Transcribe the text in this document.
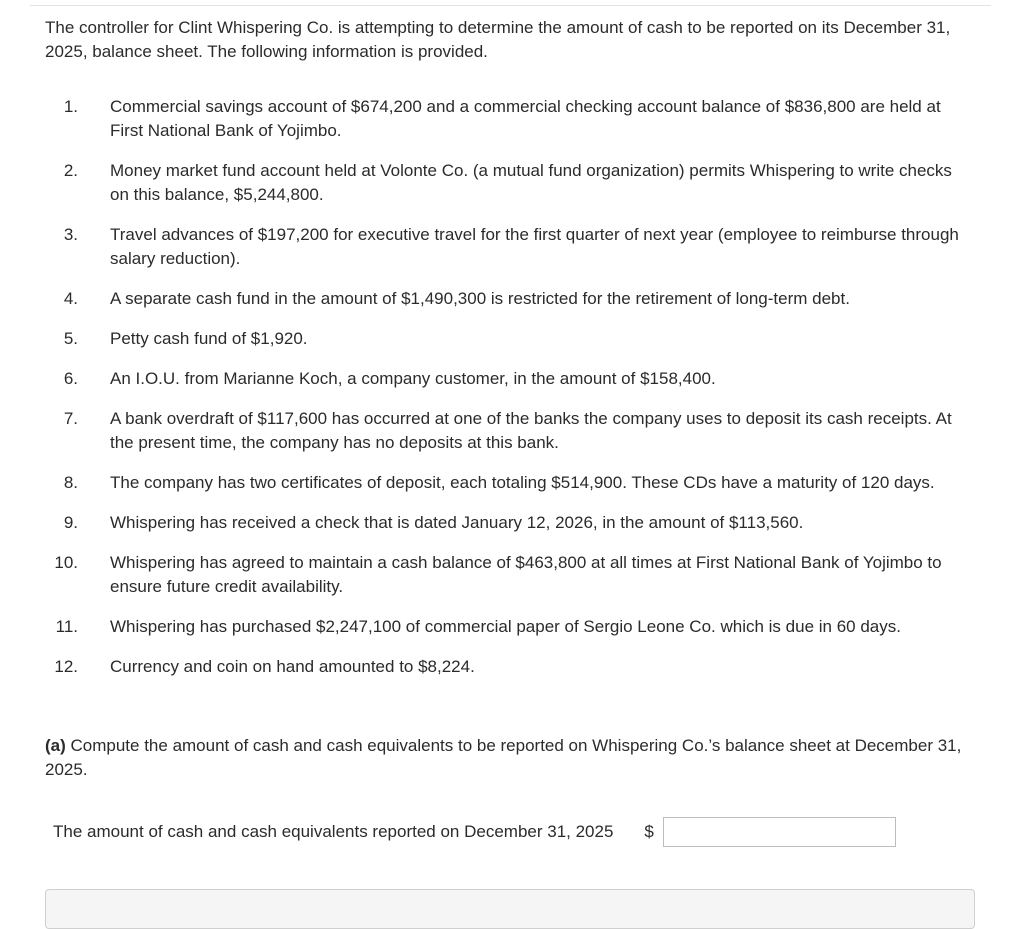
The controller for Clint Whispering Co. is attempting to determine the amount of cash to be reported on its December 31, 2025, balance sheet. The following information is provided.

1. Commercial savings account of $674,200 and a commercial checking account balance of $836,800 are held at First National Bank of Yojimbo.
2. Money market fund account held at Volonte Co. (a mutual fund organization) permits Whispering to write checks on this balance, $5,244,800.
3. Travel advances of $197,200 for executive travel for the first quarter of next year (employee to reimburse through salary reduction).
4. A separate cash fund in the amount of $1,490,300 is restricted for the retirement of long-term debt.
5. Petty cash fund of $1,920.
6. An I.O.U. from Marianne Koch, a company customer, in the amount of $158,400.
7. A bank overdraft of $117,600 has occurred at one of the banks the company uses to deposit its cash receipts. At the present time, the company has no deposits at this bank.
8. The company has two certificates of deposit, each totaling $514,900. These CDs have a maturity of 120 days.
9. Whispering has received a check that is dated January 12, 2026, in the amount of $113,560.
10. Whispering has agreed to maintain a cash balance of $463,800 at all times at First National Bank of Yojimbo to ensure future credit availability.
11. Whispering has purchased $2,247,100 of commercial paper of Sergio Leone Co. which is due in 60 days.
12. Currency and coin on hand amounted to $8,224.

(a) Compute the amount of cash and cash equivalents to be reported on Whispering Co.’s balance sheet at December 31, 2025.

The amount of cash and cash equivalents reported on December 31, 2025 $
